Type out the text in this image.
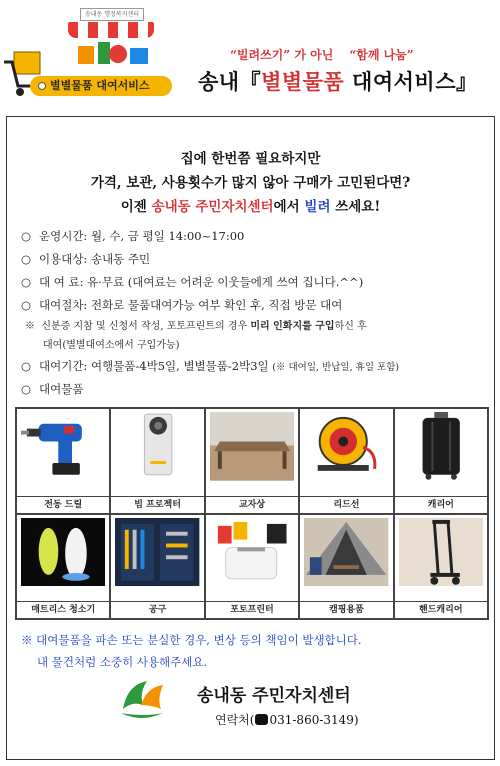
송내동 행정복지센터
별별물품 대여서비스
“빌려쓰기” 가 아닌 “함께 나눔”
송내『별별물품 대여서비스』
집에 한번쯤 필요하지만
가격, 보관, 사용횟수가 많지 않아 구매가 고민된다면?
이젠 송내동 주민자치센터에서 빌려 쓰세요!
○ 운영시간: 월, 수, 금 평일 14:00~17:00
○ 이용대상: 송내동 주민
○ 대 여 료: 유·무료 (대여료는 어려운 이웃들에게 쓰여 집니다.^^)
○ 대여절차: 전화로 물품대여가능 여부 확인 후, 직접 방문 대여
※ 신분증 지참 및 신청서 작성, 포토프린트의 경우 미리 인화지를 구입하신 후
대여(별별대여소에서 구입가능)
○ 대여기간: 여행물품-4박5일, 별별물품-2박3일 (※ 대여일, 반납일, 휴일 포함)
○ 대여물품
전동 드릴	빔 프로젝터	교자상	리드선	캐리어
매트리스 청소기	공구	포토프린터	캠핑용품	핸드캐리어
※ 대여물품을 파손 또는 분실한 경우, 변상 등의 책임이 발생합니다.
내 물건처럼 소중히 사용해주세요.
송내동 주민자치센터
연락처( 031-860-3149)
